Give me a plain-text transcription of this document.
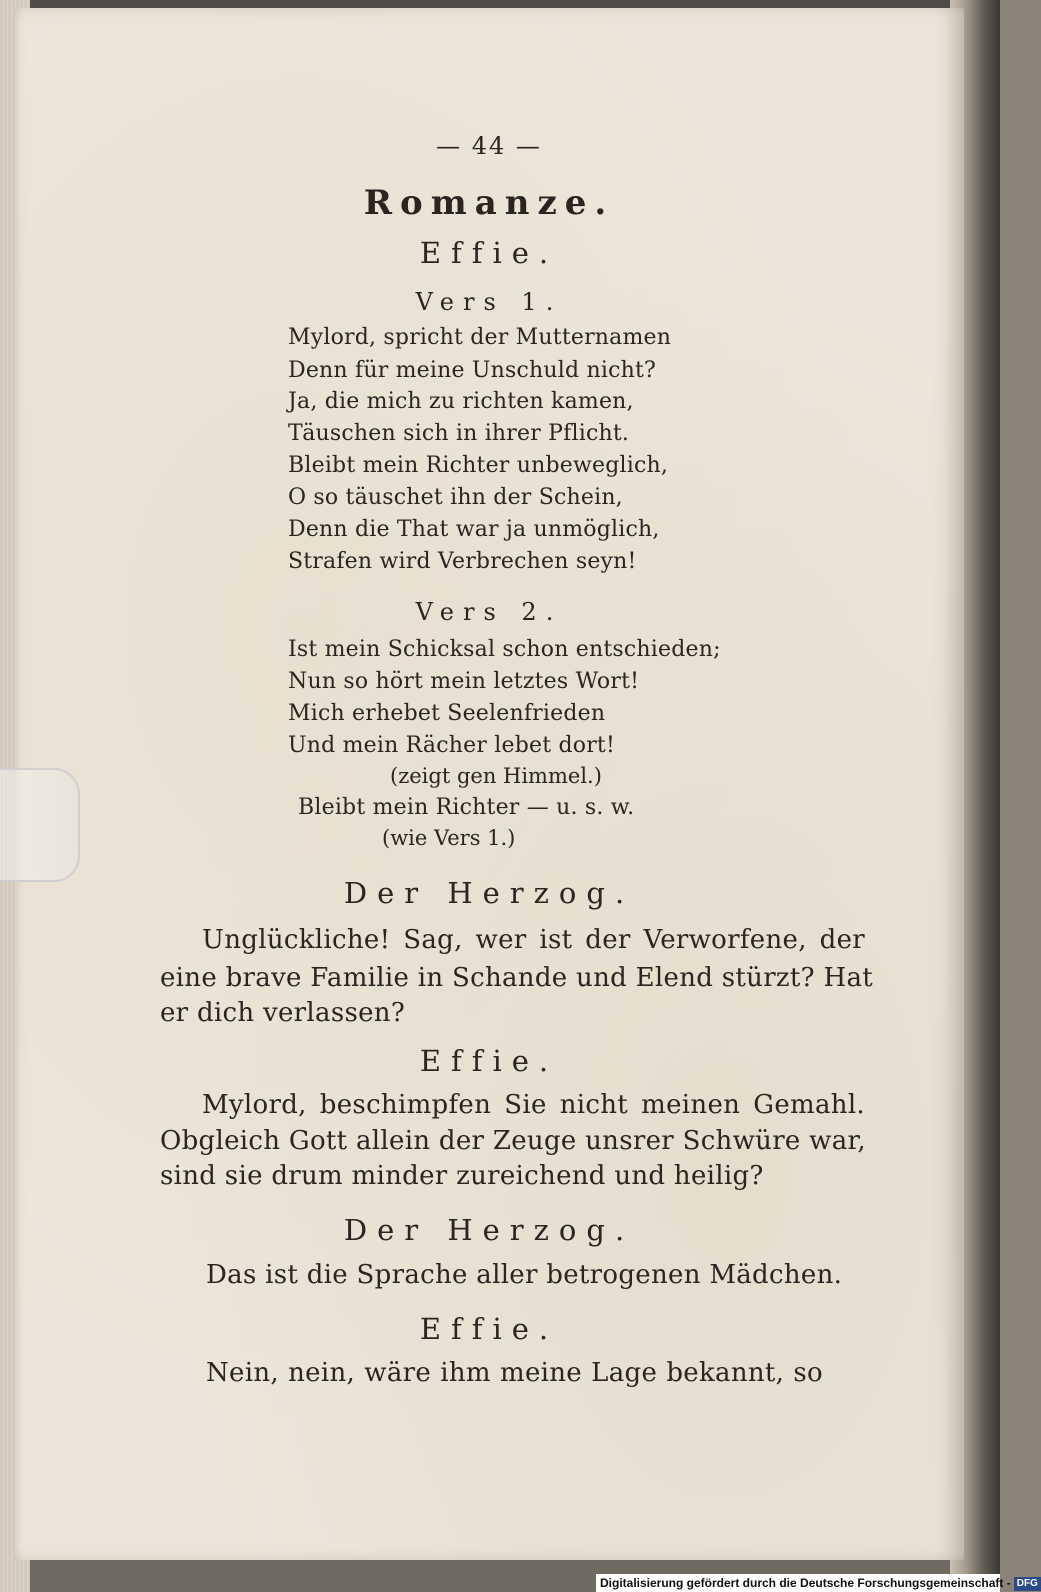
— 44 —

Romanze.

Effie.

Vers 1.

Mylord, spricht der Mutternamen

Denn für meine Unschuld nicht?

Ja, die mich zu richten kamen,

Täuschen sich in ihrer Pflicht.

Bleibt mein Richter unbeweglich,

O so täuschet ihn der Schein,

Denn die That war ja unmöglich,

Strafen wird Verbrechen seyn!

Vers 2.

Ist mein Schicksal schon entschieden;

Nun so hört mein letztes Wort!

Mich erhebet Seelenfrieden

Und mein Rächer lebet dort!

(zeigt gen Himmel.)

Bleibt mein Richter — u. s. w.

(wie Vers 1.)

Der Herzog.

Unglückliche! Sag, wer ist der Verworfene, der

eine brave Familie in Schande und Elend stürzt? Hat

er dich verlassen?

Effie.

Mylord, beschimpfen Sie nicht meinen Gemahl.

Obgleich Gott allein der Zeuge unsrer Schwüre war,

sind sie drum minder zureichend und heilig?

Der Herzog.

Das ist die Sprache aller betrogenen Mädchen.

Effie.

Nein, nein, wäre ihm meine Lage bekannt, so

Digitalisierung gefördert durch die Deutsche Forschungsgemeinschaft - DFG
